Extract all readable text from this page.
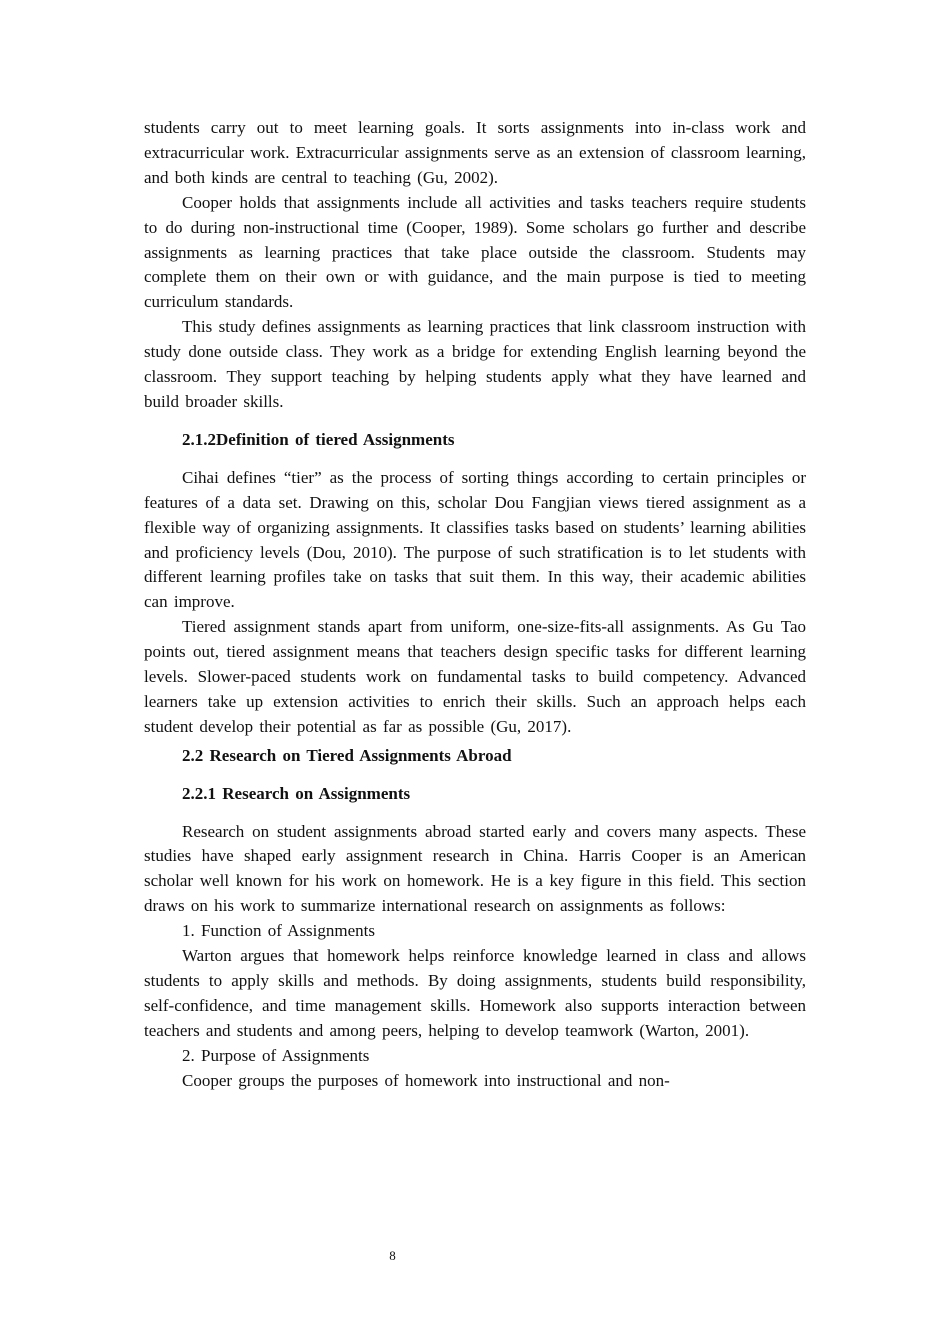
students carry out to meet learning goals. It sorts assignments into in-class work and extracurricular work. Extracurricular assignments serve as an extension of classroom learning, and both kinds are central to teaching (Gu, 2002).

Cooper holds that assignments include all activities and tasks teachers require students to do during non-instructional time (Cooper, 1989). Some scholars go further and describe assignments as learning practices that take place outside the classroom. Students may complete them on their own or with guidance, and the main purpose is tied to meeting curriculum standards.

This study defines assignments as learning practices that link classroom instruction with study done outside class. They work as a bridge for extending English learning beyond the classroom. They support teaching by helping students apply what they have learned and build broader skills.

2.1.2Definition of tiered Assignments

Cihai defines “tier” as the process of sorting things according to certain principles or features of a data set. Drawing on this, scholar Dou Fangjian views tiered assignment as a flexible way of organizing assignments. It classifies tasks based on students’ learning abilities and proficiency levels (Dou, 2010). The purpose of such stratification is to let students with different learning profiles take on tasks that suit them. In this way, their academic abilities can improve.

Tiered assignment stands apart from uniform, one-size-fits-all assignments. As Gu Tao points out, tiered assignment means that teachers design specific tasks for different learning levels. Slower-paced students work on fundamental tasks to build competency. Advanced learners take up extension activities to enrich their skills. Such an approach helps each student develop their potential as far as possible (Gu, 2017).

2.2 Research on Tiered Assignments Abroad
2.2.1 Research on Assignments

Research on student assignments abroad started early and covers many aspects. These studies have shaped early assignment research in China. Harris Cooper is an American scholar well known for his work on homework. He is a key figure in this field. This section draws on his work to summarize international research on assignments as follows:

1. Function of Assignments

Warton argues that homework helps reinforce knowledge learned in class and allows students to apply skills and methods. By doing assignments, students build responsibility, self-confidence, and time management skills. Homework also supports interaction between teachers and students and among peers, helping to develop teamwork (Warton, 2001).

2. Purpose of Assignments

Cooper groups the purposes of homework into instructional and non-

8
